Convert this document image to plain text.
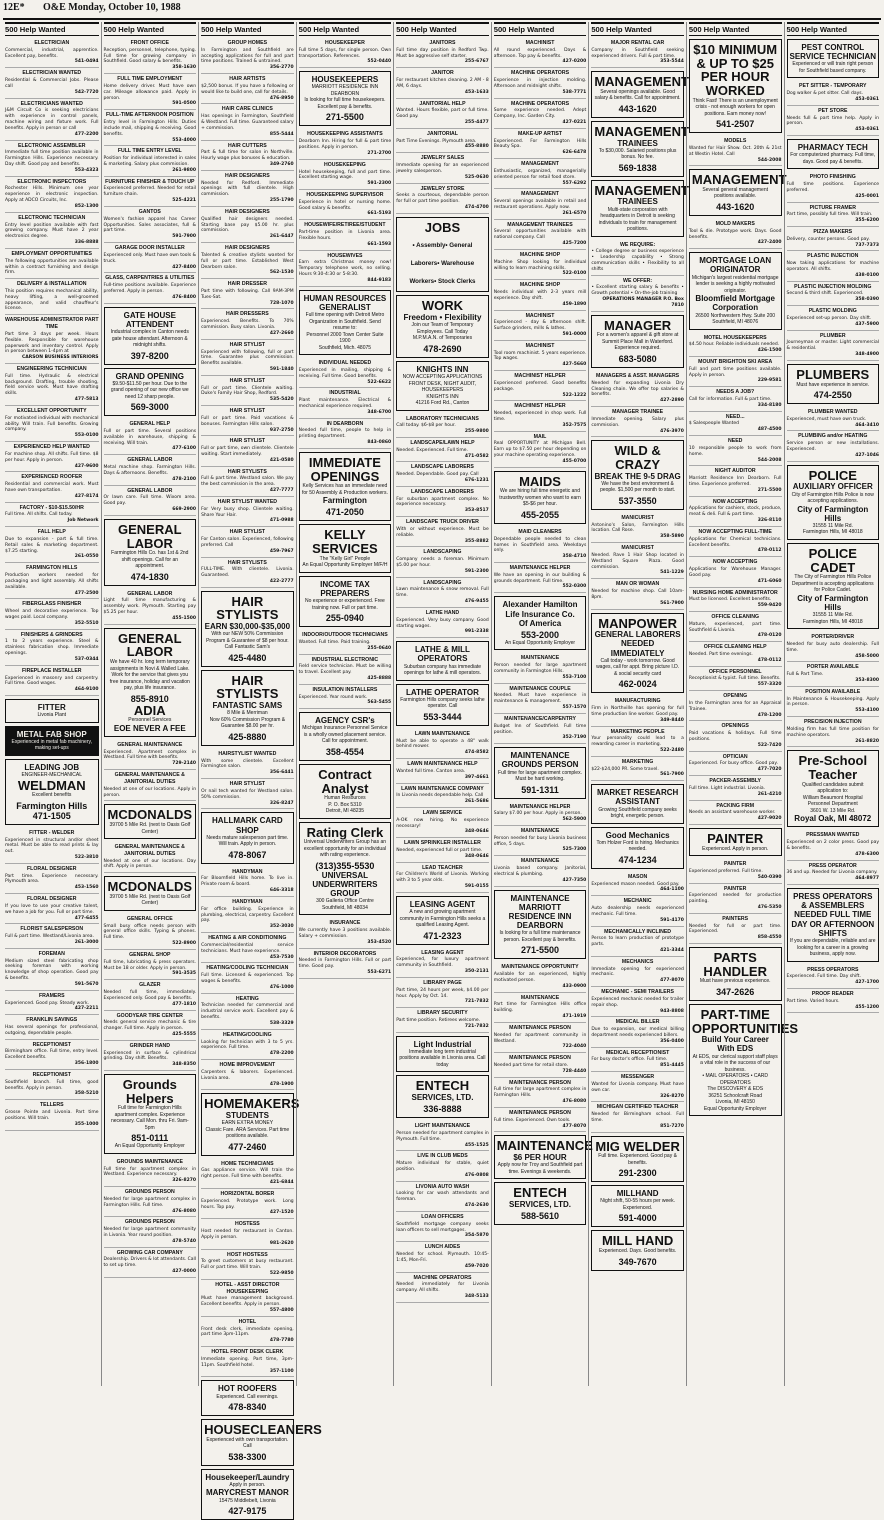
12E*	O&E Monday, October 10, 1988
500 Help Wanted

ELECTRICIAN
Commercial, industrial, apprentice. Excellent pay, benefits.
541-0494

ELECTRICIAN WANTED
Residential & Commercial Jobs. Please call
542-7720

ELECTRICIANS WANTED
J&M Circuit Co is seeking electricians with experience in control panels, machine wiring and fixture work. Full benefits. Apply in person or call
477-2200

ELECTRONIC ASSEMBLER
Immediate full time position available in Farmington Hills. Experience necessary. Day shift. Good pay and benefits.
553-4323

ELECTRONIC INSPECTORS
Rochester Hills. Minimum one year experience in electronic inspection. Apply at ADCO Circuits, Inc.
852-1300

ELECTRONIC TECHNICIAN
Entry level position available with fast growing company. Must have 2 year electronics degree.
336-8888

EMPLOYMENT OPPORTUNITIES
The following opportunities are available within a contract furnishing and design firm.

DELIVERY & INSTALLATION
This position requires mechanical ability, heavy lifting, a well-groomed appearance, and valid chauffeur's license.

WAREHOUSE ADMINISTRATOR PART TIME
Part time 3 days per week. Hours flexible. Responsible for warehouse paperwork and inventory control. Apply in person between 1-4pm at
CARSON BUSINESS INTERIORS

ENGINEERING TECHNICIAN
Full time. Hydraulic & electrical background. Drafting, trouble shooting, field service work. Must have drafting skills.
477-5813

EXCELLENT OPPORTUNITY
For motivated individual with mechanical ability. Will train. Full benefits. Growing company.
553-0100

EXPERIENCED HELP WANTED
For machine shop. All shifts. Full time. $8 per hour. Apply in person.
427-9600

EXPERIENCED ROOFER
Residential and commercial work. Must have own transportation.
427-8174

FACTORY - $10-$15.50/HR
Full time. All shifts. Call today.
Job Network

FALL HELP
Due to expansion - part & full time. Retail sales & marketing department. $7.25 starting.
261-0550

FARMINGTON HILLS
Production workers needed for packaging and light assembly. All shifts available.
477-2500

FIBERGLASS FINISHER
Wheel and decorative experience. Top wages paid. Local company.
352-5510

FINISHERS & GRINDERS
1 to 2 years experience. Steel & stainless fabrication shop. Immediate openings.
537-0344

FIREPLACE INSTALLER
Experienced in masonry and carpentry. Full time. Good wages.
464-9100

FITTER
Livonia Plant
METAL FAB SHOP
Experienced in metal fab machinery, making set-ups
LEADING JOB
ENGINEER-MECHANICAL
WELDMAN
Excellent benefits
Farmington Hills 471-1505

FITTER - WELDER
Experienced in structural and/or sheet metal. Must be able to read prints & lay out.
522-3810

FLORAL DESIGNER
Part time. Experience necessary. Plymouth area.
453-1560

FLORAL DESIGNER
If you love to use your creative talent, we have a job for you. Full or part time.
477-6455

FLORIST SALESPERSON
Full & part time. Westland/Livonia area.
261-3000

FOREMAN
Medium sized steel fabricating shop seeking foreman with working knowledge of shop operation. Good pay & benefits.
591-5670

FRAMERS
Experienced. Good pay. Steady work.
427-2211

FRANKLIN SAVINGS
Has several openings for professional, outgoing, dependable people.

RECEPTIONIST
Birmingham office. Full time, entry level. Excellent benefits.
356-1800

RECEPTIONIST
Southfield branch. Full time, good benefits. Apply in person.
358-5210

TELLERS
Grosse Pointe and Livonia. Part time positions. Will train.
355-1000

500 Help Wanted

FRONT OFFICE
Reception, personnel, telephone, typing. Full time for growing company in Southfield. Good salary & benefits.
358-1630

FULL TIME EMPLOYMENT
Home delivery driver. Must have own car. Mileage allowance paid. Apply in person.
591-0500

FULL-TIME AFTERNOON POSITION
Entry level in Farmington Hills. Duties include mail, shipping & receiving. Good benefits.
553-4000

FULL TIME ENTRY LEVEL
Position for individual interested in sales & marketing. Salary plus commission.
261-9800

FURNITURE FINISHER & TOUCH UP
Experienced preferred. Needed for retail furniture chain.
525-4221

GANTOS
Women's fashion apparel has Career Opportunities. Sales associates, full & part time.
591-7900

GARAGE DOOR INSTALLER
Experienced only. Must have own tools & truck.
427-8400

GLASS, CARPENTRIES & UTILITIES
Full-time positions available. Experience preferred. Apply in person.
476-8400

GATE HOUSE
ATTENDENT
Industrial complex in Canton needs gate house attendant. Afternoon & midnight shifts.
397-8200
GRAND OPENING
$9.50-$11.50 per hour. Due to the grand opening of our new office we need 12 sharp people.
569-3000

GENERAL HELP
Full or part time. Several positions available in warehouse, shipping & receiving. Will train.
477-6100

GENERAL LABOR
Metal machine shop. Farmington Hills. Days & afternoons. Benefits.
478-2100

GENERAL LABOR
Or lawn care. Full time. Wixom area. Good pay.
669-2900

GENERAL LABOR
Farmington Hills Co. has 1st & 2nd shift openings. Call for an appointment.
474-1830

GENERAL LABOR
Light full time manufacturing & assembly work. Plymouth. Starting pay $5.25 per hour.
455-1500

GENERAL LABOR
We have 40 hr. long term temporary assignments in Novi & Walled Lake. Work for the service that gives you free insurance, holiday and vacation pay, plus life insurance.
855-8910
ADIA
Personnel Services
EOE NEVER A FEE

GENERAL MAINTENANCE
Experienced. Apartment complex in Westland. Full time with benefits.
729-2140

GENERAL MAINTENANCE & JANITORIAL DUTIES
Needed at one of our locations. Apply in person.

MCDONALDS
39700 5 Mile Rd. (next to Oasis Golf Center)

GENERAL MAINTENANCE & JANITORIAL DUTIES
Needed at one of our locations. Day shift. Apply in person.

MCDONALDS
39700 5 Mile Rd. (next to Oasis Golf Center)

GENERAL OFFICE
Small busy office needs person with general office skills. Typing & phones. Full time.
522-8900

GENERAL SHOP
Full time, lubricating & press operators. Must be 18 or older. Apply in person.
591-3535

GLAZER
Needed full time, immediately. Experienced only. Good pay & benefits.
477-1810

GOODYEAR TIRE CENTER
Needs general service mechanic & tire changer. Full time. Apply in person.
425-5555

GRINDER HAND
Experienced in surface & cylindrical grinding. Day shift. Benefits.
348-8350

Grounds Helpers
Full time for Farmington Hills apartment complex. Experience necessary. Call Mon. thru Fri. 9am-5pm
851-0111
An Equal Opportunity Employer

GROUNDS MAINTENANCE
Full time for apartment complex in Westland. Experience necessary.
326-8270

GROUNDS PERSON
Needed for large apartment complex in Farmington Hills. Full time.
476-8080

GROUNDS PERSON
Needed for large apartment community in Livonia. Year round position.
478-5740

GROWING CAR COMPANY
Dealership. Drivers & lot attendants. Call to set up time.
427-0000

500 Help Wanted

GROUP HOMES
In Farmington and Southfield are accepting applications for full and part time positions. Trained & untrained.
356-2770

HAIR ARTISTS
$2,500 bonus. If you have a following or would like to build one, call for details.
476-8950

HAIR CARE CLINICS
Has openings in Farmington, Southfield & Westland. Full time. Guaranteed salary + commission.
855-5444

HAIR CUTTERS
Part & full time for salon in Northville. Hourly wage plus bonuses & education.
349-2760

HAIR DESIGNERS
Needed for Redford. Immediate openings with full clientele. High commission.
255-1790

HAIR DESIGNERS
Qualified hair designers needed. Starting base pay $5.00 hr. plus commission.
261-6447

HAIR DESIGNERS
Talented & creative stylists wanted for full or part time. Established West Dearborn salon.
562-1530

HAIR DRESSER
Part time with following. Call 9AM-3PM Tues-Sat.
728-1070

HAIR DRESSERS
Experienced. Benefits. To 70% commission. Busy salon. Livonia.
427-2660

HAIR STYLIST
Experienced with following, full or part time. Guarantee plus commission. Benefits available.
591-1840

HAIR STYLIST
Full or part time. Clientele waiting. Duke's Family Hair Shop, Redford.
535-5420

HAIR STYLIST
Full or part time. Paid vacations & bonuses. Farmington Hills salon.
937-2750

HAIR STYLIST
Full or part time, own clientele. Clientele waiting. Start immediately.
421-0580

HAIR STYLISTS
Full & part time. Westland salon. We pay the best commission in the area.
427-7777

HAIR STYLIST WANTED
For Very busy shop. Clientele waiting. Share Your Hair.
471-0988

HAIR STYLIST
For Canton salon. Experienced, following preferred. Call
459-7967

HAIR STYLISTS
FULL-TIME. With clientele. Livonia. Guaranteed.
422-2777

HAIR STYLISTS
EARN $30,000-$35,000
With our NEW 50% Commission Program & Guarantee of $8 per hour. Call Fantastic Sam's
425-4480
HAIR STYLISTS
FANTASTIC SAMS
8 Mile & Merriman
Now 60% Commission Program & Guarantee $8.00 per hr.
425-8880

HAIRSTYLIST WANTED
With some clientele. Excellent Farmington salon.
356-6441

HAIR STYLIST
Or nail tech wanted for Westland salon. 50% commission.
326-8247

HALLMARK CARD SHOP
Needs mature salesperson part time. Will train. Apply in person.
478-8067

HANDYMAN
For Bloomfield Hills home. To live in. Private room & board.
646-3318

HANDYMAN
For office building. Experience in plumbing, electrical, carpentry. Excellent pay.
352-3030

HEATING & AIR CONDITIONING
Commercial/residential service technicians. Must have experience.
453-7530

HEATING/COOLING TECHNICIAN
Full time. Licensed & experienced. Top wages & benefits.
476-1000

HEATING
Technician needed for commercial and industrial service work. Excellent pay & benefits.
538-3329

HEATING/COOLING
Looking for technician with 3 to 5 yrs. experience. Full time.
478-2200

HOME IMPROVEMENT
Carpenters & laborers. Experienced. Livonia area.
478-1900

HOMEMAKERS
STUDENTS
EARN EXTRA MONEY
Classic Fare. ARA Services. Part time positions available.
477-2460

HOME TECHNICIANS
Gas appliance service. Will train the right person. Full time with benefits.
421-6844

HORIZONTAL BORER
Experienced. Prototype work. Long hours. Top pay.
427-1520

HOSTESS
Host needed for restaurant in Canton. Apply in person.
981-2620

HOST HOSTESS
To greet customers at busy restaurant. Full or part time. Will train.
522-9850

HOTEL - ASST DIRECTOR HOUSEKEEPING
Must have management background. Excellent benefits. Apply in person.
557-4800

HOTEL
Front desk clerk, immediate opening, part time 3pm-11pm.
478-7780

HOTEL FRONT DESK CLERK
Immediate opening. Part time, 3pm-11pm. Southfield hotel.
357-1100

HOT ROOFERS
Experienced. Call evenings.
478-8340
HOUSECLEANERS
Experienced with own transportation. Call
538-3300
Housekeeper/Laundry
Apply in person.
MARYCREST MANOR
15475 Middlebelt, Livonia
427-9175
500 Help Wanted

HOUSEKEEPER
Full time 5 days, for single person. Own transportation. References.
552-0440

HOUSEKEEPERS
MARRIOTT RESIDENCE INN DEARBORN
Is looking for full time housekeepers. Excellent pay & benefits.
271-5500

HOUSEKEEPING ASSISTANTS
Dearborn Inn. Hiring for full & part time positions. Apply in person.
271-2700

HOUSEKEEPING
Hotel housekeeping, full and part time. Excellent starting wage.
591-2300

HOUSEKEEPING SUPERVISOR
Experience in hotel or nursing home. Good salary & benefits.
661-5193

HOUSEWIFE/RETIREE/STUDENT
Part-time position in Livonia area. Flexible hours.
661-1593

HOUSEWIVES
Earn extra Christmas money now! Temporary telephone work, no selling. Hours 9:30-4:30 or 5-8:30.
844-9183

HUMAN RESOURCES
GENERALIST
Full time opening with Detroit Metro Organization in Southfield. Send resume to:
Personnel 2000 Town Center Suite 1900
Southfield, Mich. 48075

INDIVIDUAL NEEDED
Experienced in mailing, shipping & receiving. Full time. Good benefits.
522-6622

INDUSTRIAL
Plant maintenance. Electrical & mechanical experience required.
348-6700

IN DEARBORN
Needed full time, people to help in printing department.
843-0860

IMMEDIATE
OPENINGS
Kelly Services has an immediate need for 50 Assembly & Production workers.
Farmington
471-2050
KELLY
SERVICES
The "Kelly Girl" People
An Equal Opportunity Employer M/F/H
INCOME TAX
PREPARERS
No experience or experienced. Free training now. Full or part time.
255-0940

INDOOR/OUTDOOR TECHNICIANS
Wanted. Full time. Paid training.
255-0640

INDUSTRIAL ELECTRONIC
Field service technician. Must be willing to travel. Excellent pay.
425-8888

INSULATION INSTALLERS
Experienced. Year round work.
563-5455

AGENCY CSR's
Michigan Insurance Personnel Service is a wholly owned placement service. Call for appointment.
358-4554
Contract Analyst
Human Resources
P. O. Box 5310
Detroit, MI 48235
Rating Clerk
Universal Underwriters Group has an excellent opportunity for an individual with rating experience.
(313)355-5530
UNIVERSAL
UNDERWRITERS
GROUP
300 Galleria Office Centre
Southfield, MI 48034

INSURANCE
We currently have 3 positions available. Salary + commission.
353-4520

INTERIOR DECORATORS
Needed in Farmington Hills. Full or part time. Good pay.
553-6271

500 Help Wanted

JANITORS
Full time day position in Redford Twp. Must be aggressive self starter.
255-6767

JANITOR
For restaurant kitchen cleaning. 2 AM - 8 AM, 6 days.
453-1633

JANITORIAL HELP
Wanted. Hours flexible, part or full time. Good pay.
255-4477

JANITORIAL
Part Time Evenings. Plymouth area.
455-8880

JEWELRY SALES
Immediate opening for an experienced jewelry salesperson.
525-0630

JEWELRY STORE
Seeks a courteous, dependable person for full or part time position.
474-4700

JOBS
• Assembly• General Laborers• Warehouse Workers• Stock Clerks
WORK
Freedom • Flexibility
Join our Team of Temporary Employees. Call Today
M.P.M.A.N. of Temporaries
478-2690
KNIGHTS INN
NOW ACCEPTING APPLICATIONS FRONT DESK, NIGHT AUDIT, HOUSEKEEPERS
KNIGHTS INN
41216 Ford Rd., Canton

LABORATORY TECHNICIANS
Call today. $6-$8 per hour.
255-9800

LANDSCAPE/LAWN HELP
Needed. Experienced. Full time.
471-0582

LANDSCAPE LABORERS
Needed. Dependable. Good pay. Call
676-1231

LANDSCAPE LABORERS
For suburban apartment complex. No experience necessary.
353-8517

LANDSCAPE TRUCK DRIVER
With or without experience. Must be reliable.
355-8882

LANDSCAPING
Company needs a foreman. Minimum $5.00 per hour.
591-2300

LANDSCAPING
Lawn maintenance & snow removal. Full time.
476-9455

LATHE HAND
Experienced. Very busy company. Good starting wages.
991-2338

LATHE & MILL
OPERATORS
Suburban company has immediate openings for lathe & mill operators.
LATHE OPERATOR
Farmington Hills company seeks lathe operator. Call
553-3444

LAWN MAINTENANCE
Must be able to operate a 48" walk behind mower.
474-8582

LAWN MAINTENANCE HELP
Wanted full time. Canton area.
397-4661

LAWN MAINTENANCE COMPANY
In Livonia needs dependable help. Call
261-5686

LAWN SERVICE
A-OK now hiring. No experience necessary!
348-0646

LAWN SPRINKLER INSTALLER
Needed, experienced full or part time.
348-0646

LEAD TEACHER
For Children's World of Livonia. Working with 3 to 5 year olds.
591-0155

LEASING AGENT
A new and growing apartment community in Farmington Hills seeks a qualified Leasing Agent.
471-2323

LEASING AGENT
Experienced, for luxury apartment community in Southfield.
350-2131

LIBRARY PAGE
Part time, 24 hours per week, $4.00 per hour. Apply by Oct. 14.
721-7832

LIBRARY SECURITY
Part time position. Retirees welcome.
721-7832

Light Industrial
Immediate long term industrial positions available in Livonia area. Call today
ENTECH
SERVICES, LTD.
336-8888

LIGHT MAINTENANCE
Person needed for apartment complex in Plymouth. Full time.
455-1525

LIVE IN CLUB MEDS
Mature individual for stable, quiet position.
476-0808

LIVONIA AUTO WASH
Looking for car wash attendants and foreman.
474-2630

LOAN OFFICERS
Southfield mortgage company seeks loan officers to sell mortgages.
354-5870

LUNCH AIDES
Needed for school. Plymouth. 10:45-1:45, Mon-Fri.
459-7020

MACHINE OPERATORS
Needed immediately for Livonia company. All shifts.
348-5133

500 Help Wanted

MACHINIST
All round experienced. Days & afternoon. Top pay & benefits.
427-0200

MACHINE OPERATORS
Experience in injection molding. Afternoon and midnight shifts.
538-7771

MACHINE OPERATORS
Some experience needed. Adept Company, Inc. Garden City.
427-0221

MAKE-UP ARTIST
Experienced. For Farmington Hills Beauty Spa.
626-6478

MANAGEMENT
Enthusiastic, organized, managerially oriented person for retail food store.
557-6292

MANAGEMENT
Several openings available in retail and restaurant operations. Apply now.
261-6570

MANAGEMENT TRAINEES
Several opportunities available with national company. Call
425-7200

MACHINE SHOP
Machine Shop looking for individual willing to learn machining skills.
522-0100

MACHINE SHOP
Needs individual with 2-3 years mill experience. Day shift.
459-1890

MACHINIST
Experienced - day & afternoon shift. Surface grinders, mills & lathes.
591-0000

MACHINIST
Tool room machinist. 5 years experience. Top wages.
427-5660

MACHINIST HELPER
Experienced preferred. Good benefits package.
522-1222

MACHINIST HELPER
Needed, experienced in shop work. Full time.
352-7575

MAIL
Real OPPORTUNITY at Michigan Bell. Earn up to $7.50 per hour depending on your machine operating experience.
455-0700

MAIDS
We are hiring full time energetic and trustworthy women who want to earn $5-$6 per hour.
455-2055

MAID CLEANERS
Dependable people needed to clean homes in Southfield area. Weekdays only.
358-4710

MAINTENANCE HELPER
We have an opening in our building & grounds department. Full time.
552-0300

Alexander Hamilton
Life Insurance Co.
Of America
553-2000
An Equal Opportunity Employer

MAINTENANCE
Person needed for large apartment community in Farmington Hills.
553-7100

MAINTENANCE COUPLE
Needed. Must have experience in maintenance & management.
557-1570

MAINTENANCE/CARPENTRY
Budget Inn of Southfield. Full time position.
352-7190

MAINTENANCE
GROUNDS PERSON
Full time for large apartment complex. Must be hard working.
591-1311

MAINTENANCE HELPER
Salary $7.00 per hour. Apply in person.
562-5900

MAINTENANCE
Person needed for busy Livonia business office, 5 days.
525-7300

MAINTENANCE
Livonia based company. Janitorial, electrical & plumbing.
427-7350

MAINTENANCE
MARRIOTT RESIDENCE INN
DEARBORN
Is looking for a full time maintenance person. Excellent pay & benefits.
271-5500

MAINTENANCE OPPORTUNITY
Available for an experienced, highly motivated person.
433-0900

MAINTENANCE
Part time for Farmington Hills office building.
471-1919

MAINTENANCE PERSON
Needed for apartment community in Westland.
722-4040

MAINTENANCE PERSON
Needed part time for retail store.
728-4440

MAINTENANCE PERSON
Full time for large apartment complex in Farmington Hills.
476-8080

MAINTENANCE PERSON
Full time. Experienced. Own tools.
477-8070

MAINTENANCE
$6 PER HOUR
Apply now for Troy and Southfield part time. Evenings & weekends.
ENTECH
SERVICES, LTD.
588-5610
500 Help Wanted

MAJOR RENTAL CAR
Company in Southfield seeking experienced drivers. Full & part time.
353-5544

MANAGEMENT
Several openings available. Good salary & benefits. Call for appointment.
443-1620
MANAGEMENT
TRAINEES
To $30,000. Salaried positions plus bonus. No fee.
569-1838
MANAGEMENT
TRAINEES
Multi-state corporation with headquarters in Detroit is seeking individuals to train for management positions.

WE REQUIRE:
• College degree or business experience • Leadership capability • Strong communication skills • Flexibility to all shifts

WE OFFER:
• Excellent starting salary & benefits • Growth potential • On-the-job training
OPERATIONS MANAGER P.O. Box 7810

MANAGER
For a women's apparel & gift store at Summit Place Mall in Waterford. Experience required.
683-5080

MANAGERS & ASST. MANAGERS
Needed for expanding Livonia Dry Cleaning chain. We offer top salaries & benefits.
427-2890

MANAGER TRAINEE
Immediate opening. Salary plus commission.
476-3970

WILD & CRAZY
BREAK THE 9-5 DRAG
We have the best environment & people. $1,500 per month to start.
537-3550

MANICURIST
Antonino's Salon, Farmington Hills location. Call Rose.
358-5890

MANICURIST
Needed. Rave 1 Hair Shop located in Westland Square Plaza. Good commission.
541-1229

MAN OR WOMAN
Needed for machine shop. Call 10am-8pm.
561-7900

MANPOWER
GENERAL LABORERS
NEEDED IMMEDIATELY
Call today - work tomorrow. Good wages, call for appt. Bring picture I.D. & social security card
462-0024

MANUFACTURING
Firm in Northville has opening for full time production line worker. Good pay.
349-8440

MARKETING PEOPLE
Your personality could lead to a rewarding career in marketing.
522-2480

MARKETING
$22-$24,000 PR. Some travel.
561-7900

MARKET RESEARCH
ASSISTANT
Growing Southfield company seeks bright, energetic person.
Good Mechanics
Tom Holzer Ford is hiring. Mechanics needed.
474-1234

MASON
Experienced mason needed. Good pay.
464-1100

MECHANIC
Auto dealership needs experienced mechanic. Full time.
591-4170

MECHANICALLY INCLINED
Person to learn production of prototype parts.
421-3344

MECHANICS
Immediate opening for experienced mechanic.
477-8070

MECHANIC - SEMI TRAILERS
Experienced mechanic needed for trailer repair shop.
943-8808

MEDICAL BILLER
Due to expansion, our medical billing department needs experienced billers.
356-0400

MEDICAL RECEPTIONIST
For busy doctor's office. Full time.
851-4445

MESSENGER
Wanted for Livonia company. Must have own car.
326-8270

MICHIGAN CERTIFIED TEACHER
Needed for Birmingham school. Full time.
851-7270

MIG WELDER
Full time. Experienced. Good pay & benefits.
291-2300
MILLHAND
Night shift, 50-55 hours per week. Experienced.
591-4000
MILL HAND
Experienced. Days. Good benefits.
349-7670
500 Help Wanted
$10 MINIMUM
& UP TO $25
PER HOUR WORKED
Think Fast! There is an unemployment crisis - not enough workers for open positions. Earn money now!
541-2507

MODELS
Wanted for Hair Show. Oct. 20th & 21st at Westin Hotel. Call
544-2008

MANAGEMENT
Several general management positions available.
443-1620

MOLD MAKERS
Tool & die. Prototype work. Days. Good benefits.
427-2400

MORTGAGE LOAN
ORIGINATOR
Michigan's largest residential mortgage lender is seeking a highly motivated originator.
Bloomfield Mortgage
Corporation
26500 Northwestern Hwy. Suite 200
Southfield, MI 48076

MOTEL HOUSEKEEPERS
$4.50 hour. Reliable individuals needed.
426-1500

MOUNT BRIGHTON SKI AREA
Full and part time positions available. Apply in person.
229-9581

NEEDS A JOB?
Call for information. Full & part time.
334-8180

NEED...
$ Salespeople Wanted
487-4500

NEED
10 responsible people to work from home.
544-2008

NIGHT AUDITOR
Marriott Residence Inn Dearborn. Full time. Experience preferred.
271-5500

NOW ACCEPTING
Applications for cashiers, stock, produce, meat & deli. Full & part time.
326-8110

NOW ACCEPTING FULL-TIME
Applications for Chemical technicians. Excellent benefits.
478-0112

NOW ACCEPTING
Applications for Warehouse Manager. Good pay.
471-6060

NURSING HOME ADMINISTRATOR
Must be licensed. Excellent benefits.
559-9420

OFFICE CLEANING
Mature, experienced, part time. Southfield & Livonia.
478-0120

OFFICE CLEANING HELP
Needed. Part time evenings.
478-0112

OFFICE PERSONNEL
Receptionist & typist. Full time. Benefits.
557-3320

OPENING
In the Farmington area for an Appraisal Trainee.
478-1200

OPENINGS
Paid vacations & holidays. Full time positions.
522-7420

OPTICIAN
Experienced. For busy office. Good pay.
477-7020

PACKER-ASSEMBLY
Full time. Light industrial. Livonia.
261-4210

PACKING FIRM
Needs an assistant warehouse worker.
427-9020

PAINTER
Experienced. Apply in person.

PAINTER
Experienced preferred. Full time.
540-0390

PAINTER
Experienced needed for production painting.
476-5350

PAINTERS
Needed for full or part time. Experienced.
858-4550

PARTS HANDLER
Must have previous experience.
347-2626
PART-TIME
OPPORTUNITIES
Build Your Career With EDS
At EDS, our clerical support staff plays a vital role in the success of our business.
• MAIL OPERATORS • CARD OPERATORS
The DISCOVERY & EDS
36251 Schoolcraft Road
Livonia, MI 48150
Equal Opportunity Employer
500 Help Wanted
PEST CONTROL
SERVICE TECHNICIAN
Experienced or will train right person for Southfield based company.

PET SITTER - TEMPORARY
Dog walker & pet sitter. Call days.
453-0361

PET STORE
Needs full & part time help. Apply in person.
453-0361

PHARMACY TECH
For computerized pharmacy. Full time, days. Good pay & benefits.

PHOTO FINISHING
Full time positions. Experience preferred.
425-0001

PICTURE FRAMER
Part time, possibly full time. Will train.
355-6200

PIZZA MAKERS
Delivery, counter persons. Good pay.
737-7373

PLASTIC INJECTION
Now taking applications for machine operators. All shifts.
438-0100

PLASTIC INJECTION MOLDING
Second & third shift. Experienced.
358-0390

PLASTIC MOLDING
Experienced set-up person. Day shift.
437-5900

PLUMBER
Journeyman or master. Light commercial & residential.
348-4900

PLUMBERS
Must have experience in service.
474-2550

PLUMBER WANTED
Experienced, must have own truck.
464-3410

PLUMBING and/or HEATING
Service person or new installations. Experienced.
427-1046

POLICE
AUXILIARY OFFICER
City of Farmington Hills Police is now accepting applications.
City of Farmington Hills
31555 11 Mile Rd.
Farmington Hills, MI 48018
POLICE CADET
The City of Farmington Hills Police Department is accepting applications for Police Cadet.
City of Farmington Hills
31555 11 Mile Rd.
Farmington Hills, MI 48018

PORTER/DRIVER
Needed for busy auto dealership. Full time.
458-5000

PORTER AVAILABLE
Full & Part Time.
353-8300

POSITION AVAILABLE
In Maintenance & Housekeeping. Apply in person.
553-4100

PRECISION INJECTION
Molding firm has full time position for machine operators.
261-8820

Pre-School Teacher
Qualified candidates submit application to:
William Beaumont Hospital
Personnel Department
3601 W. 13 Mile Rd.
Royal Oak, MI 48072

PRESSMAN WANTED
Experienced on 2 color press. Good pay & benefits.
478-6300

PRESS OPERATOR
36 and up. Needed for Livonia company.
464-8977

PRESS OPERATORS
& ASSEMBLERS
NEEDED FULL TIME
DAY OR AFTERNOON
SHIFTS
If you are dependable, reliable and are looking for a career in a growing business, apply now.

PRESS OPERATORS
Experienced. Full time. Day shift.
427-1700

PROOF READER
Part time. Varied hours.
455-1200
